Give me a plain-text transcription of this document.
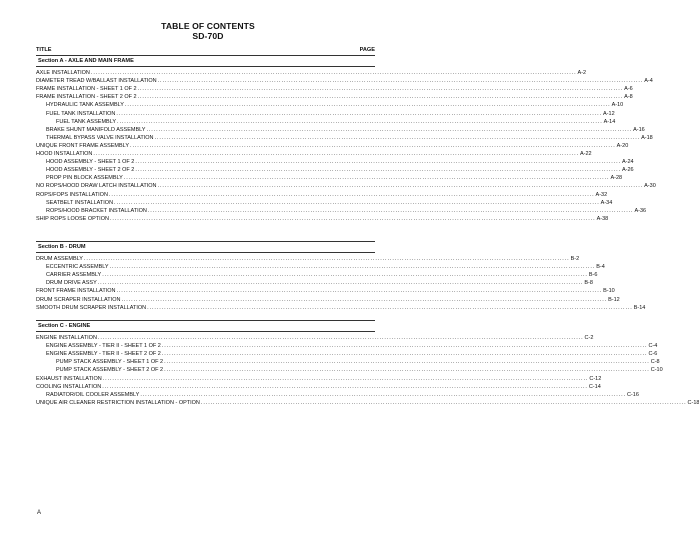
TABLE OF CONTENTS
SD-70D
TITLE	PAGE
Section A - AXLE AND MAIN FRAME
AXLE INSTALLATION ........................................................................................................................................................................................................ A-2
DIAMETER TREAD W/BALLAST INSTALLATION ........................................................................................................................................................................................................ A-4
FRAME INSTALLATION - SHEET 1 OF 2 ........................................................................................................................................................................................................ A-6
FRAME INSTALLATION - SHEET 2 OF 2 ........................................................................................................................................................................................................ A-8
HYDRAULIC TANK ASSEMBLY ........................................................................................................................................................................................................ A-10
FUEL TANK INSTALLATION ........................................................................................................................................................................................................ A-12
FUEL TANK ASSEMBLY ........................................................................................................................................................................................................ A-14
BRAKE SHUNT MANIFOLD ASSEMBLY ........................................................................................................................................................................................................ A-16
THERMAL BYPASS VALVE INSTALLATION ........................................................................................................................................................................................................ A-18
UNIQUE FRONT FRAME ASSEMBLY ........................................................................................................................................................................................................ A-20
HOOD INSTALLATION ........................................................................................................................................................................................................ A-22
HOOD ASSEMBLY - SHEET 1 OF 2 ........................................................................................................................................................................................................ A-24
HOOD ASSEMBLY - SHEET 2 OF 2 ........................................................................................................................................................................................................ A-26
PROP PIN BLOCK ASSEMBLY ........................................................................................................................................................................................................ A-28
NO ROPS/HOOD DRAW LATCH INSTALLATION ........................................................................................................................................................................................................ A-30
ROPS/FOPS INSTALLATION ........................................................................................................................................................................................................ A-32
SEATBELT INSTALLATION ........................................................................................................................................................................................................ A-34
ROPS/HOOD BRACKET INSTALLATION ........................................................................................................................................................................................................ A-36
SHIP ROPS LOOSE OPTION ........................................................................................................................................................................................................ A-38
Section B - DRUM
DRUM ASSEMBLY ........................................................................................................................................................................................................ B-2
ECCENTRIC ASSEMBLY ........................................................................................................................................................................................................ B-4
CARRIER ASSEMBLY ........................................................................................................................................................................................................ B-6
DRUM DRIVE ASSY ........................................................................................................................................................................................................ B-8
FRONT FRAME INSTALLATION ........................................................................................................................................................................................................ B-10
DRUM SCRAPER INSTALLATION ........................................................................................................................................................................................................ B-12
SMOOTH DRUM SCRAPER INSTALLATION ........................................................................................................................................................................................................ B-14
Section C - ENGINE
ENGINE INSTALLATION ........................................................................................................................................................................................................ C-2
ENGINE ASSEMBLY - TIER II - SHEET 1 OF 2 ........................................................................................................................................................................................................ C-4
ENGINE ASSEMBLY - TIER II - SHEET 2 OF 2 ........................................................................................................................................................................................................ C-6
PUMP STACK ASSEMBLY - SHEET 1 OF 2 ........................................................................................................................................................................................................ C-8
PUMP STACK ASSEMBLY - SHEET 2 OF 2 ........................................................................................................................................................................................................ C-10
EXHAUST INSTALLATION ........................................................................................................................................................................................................ C-12
COOLING INSTALLATION ........................................................................................................................................................................................................ C-14
RADIATOR/OIL COOLER ASSEMBLY ........................................................................................................................................................................................................ C-16
UNIQUE AIR CLEANER RESTRICTION INSTALLATION - OPTION ........................................................................................................................................................................................................ C-18
A
